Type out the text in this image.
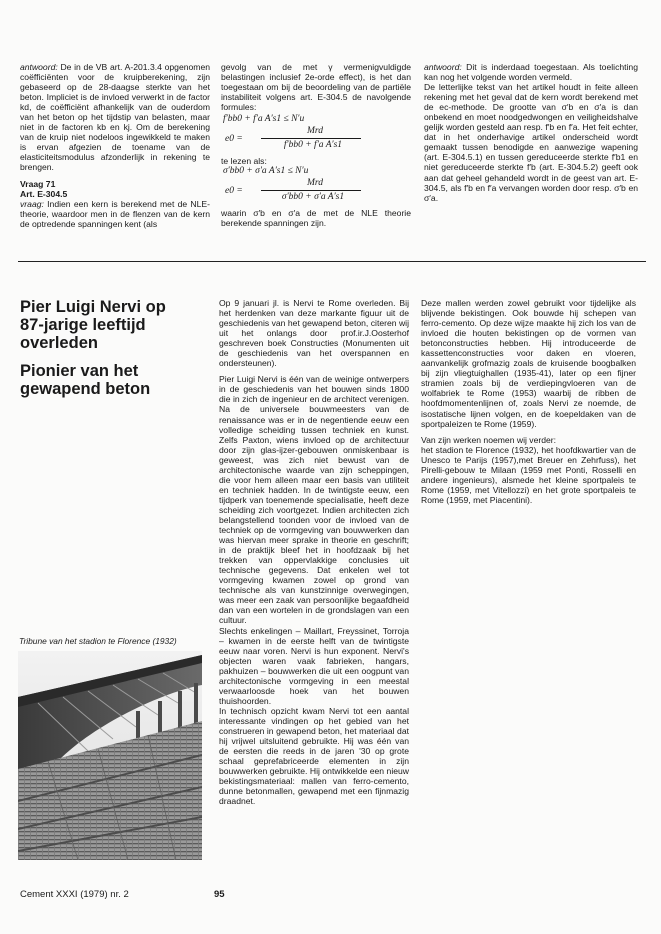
antwoord: De in de VB art. A-201.3.4 opgenomen coëfficiënten voor de kruipberekening, zijn gebaseerd op de 28-daagse sterkte van het beton. Impliciet is de invloed verwerkt in de factor kd, de coëfficiënt afhankelijk van de ouderdom van het beton op het tijdstip van belasten, maar niet in de factoren kb en kj. Om de berekening van de kruip niet nodeloos ingewikkeld te maken is ervan afgezien de toename van de elasticiteitsmodulus afzonderlijk in rekening te brengen.

Vraag 71

Art. E-304.5

vraag: Indien een kern is berekend met de NLE-theorie, waardoor men in de flenzen van de kern de optredende spanningen kent (als

gevolg van de met γ vermenigvuldigde belastingen inclusief 2e-orde effect), is het dan toegestaan om bij de beoordeling van de partiële instabiliteit volgens art. E-304.5 de navolgende formules:

f′bb0 + f′a A′s1 ≤ N′u
e0 =
Mrd
f′bb0 + f′a A′s1

te lezen als:

σ′bb0 + σ′a A′s1 ≤ N′u
e0 =
Mrd
σ′bb0 + σ′a A′s1

waarin σ′b en σ′a de met de NLE theorie berekende spanningen zijn.

antwoord: Dit is inderdaad toegestaan. Als toelichting kan nog het volgende worden vermeld.

De letterlijke tekst van het artikel houdt in feite alleen rekening met het geval dat de kern wordt berekend met de ec-methode. De grootte van σ′b en σ′a is dan onbekend en moet noodgedwongen en veiligheidshalve gelijk worden gesteld aan resp. f′b en f′a. Het feit echter, dat in het onderhavige artikel onderscheid wordt gemaakt tussen benodigde en aanwezige wapening (art. E-304.5.1) en tussen gereduceerde sterkte f′b1 en niet gereduceerde sterkte f′b (art. E-304.5.2) geeft ook aan dat geheel gehandeld wordt in de geest van art. E-304.5, als f′b en f′a vervangen worden door resp. σ′b en σ′a.

Pier Luigi Nervi op
87-jarige leeftijd
overleden
Pionier van het
gewapend beton
Tribune van het stadion te Florence (1932)

Op 9 januari jl. is Nervi te Rome overleden. Bij het herdenken van deze markante figuur uit de geschiedenis van het gewapend beton, citeren wij uit het onlangs door prof.ir.J.Oosterhof geschreven boek Constructies (Monumenten uit de geschiedenis van het overspannen en ondersteunen).

Pier Luigi Nervi is één van de weinige ontwerpers in de geschiedenis van het bouwen sinds 1800 die in zich de ingenieur en de architect verenigen. Na de universele bouwmeesters van de renaissance was er in de negentiende eeuw een volledige scheiding tussen techniek en kunst. Zelfs Paxton, wiens invloed op de architectuur door zijn glas-ijzer-gebouwen onmiskenbaar is geweest, was zich niet bewust van de architectonische waarde van zijn scheppingen, die voor hem alleen maar een basis van utiliteit en techniek hadden. In de twintigste eeuw, een tijdperk van toenemende specialisatie, heeft deze scheiding zich voortgezet. Indien architecten zich belangstellend toonden voor de invloed van de techniek op de vormgeving van bouwwerken dan was hiervan meer sprake in theorie en geschrift; in de praktijk bleef het in hoofdzaak bij het trekken van oppervlakkige conclusies uit technische gegevens. Dat enkelen wel tot vormgeving kwamen zowel op grond van technische als van kunstzinnige overwegingen, was meer een zaak van persoonlijke begaafdheid dan van een wortelen in de grondslagen van een cultuur.
Slechts enkelingen – Maillart, Freyssinet, Torroja – kwamen in de eerste helft van de twintigste eeuw naar voren. Nervi is hun exponent. Nervi's objecten waren vaak fabrieken, hangars, pakhuizen – bouwwerken die uit een oogpunt van architectonische vormgeving in een meestal verwaarloosde hoek van het bouwen thuishoorden.
In technisch opzicht kwam Nervi tot een aantal interessante vindingen op het gebied van het construeren in gewapend beton, het materiaal dat hij vrijwel uitsluitend gebruikte. Hij was één van de eersten die reeds in de jaren '30 op grote schaal geprefabriceerde elementen in zijn bouwwerken gebruikte. Hij ontwikkelde een nieuw bekistingsmateriaal: mallen van ferro-cemento, dunne betonmallen, gewapend met een fijnmazig draadnet.

Deze mallen werden zowel gebruikt voor tijdelijke als blijvende bekistingen. Ook bouwde hij schepen van ferro-cemento. Op deze wijze maakte hij zich los van de invloed die houten bekistingen op de vormen van betonconstructies hebben. Hij introduceerde de kassettenconstructies voor daken en vloeren, aanvankelijk grofmazig zoals de kruisende boogbalken bij zijn vliegtuighallen (1935-41), later op een fijner stramien zoals bij de verdiepingvloeren van de wolfabriek te Rome (1953) waarbij de ribben de hoofdmomentenlijnen of, zoals Nervi ze noemde, de isostatische lijnen volgen, en de koepeldaken van de sportpaleizen te Rome (1959).

Van zijn werken noemen wij verder:
het stadion te Florence (1932), het hoofdkwartier van de Unesco te Parijs (1957),met Breuer en Zehrfuss), het Pirelli-gebouw te Milaan (1959 met Ponti, Rosselli en andere ingenieurs), alsmede het kleine sportpaleis te Rome (1959, met Vitellozzi) en het grote sportpaleis te Rome (1959, met Piacentini).

Cement XXXI (1979) nr. 2	95
